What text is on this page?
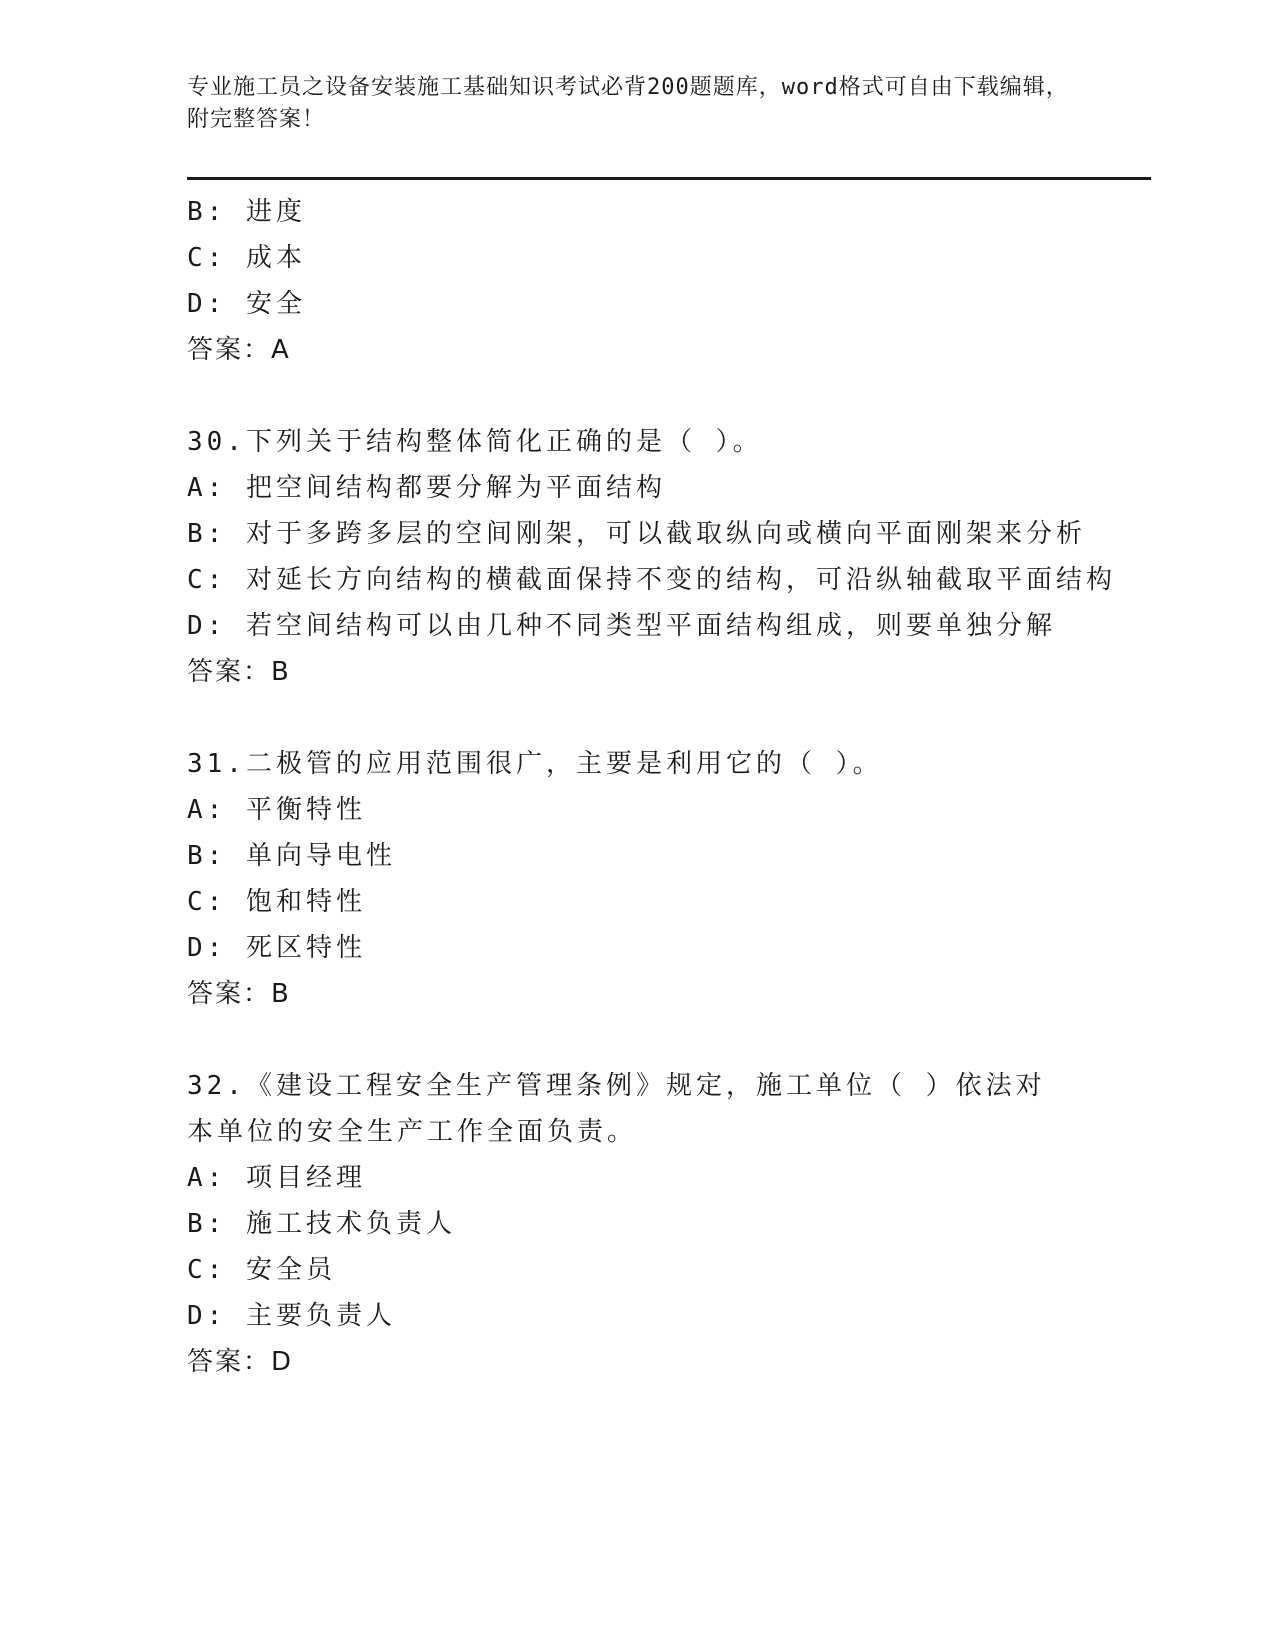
专业施工员之设备安装施工基础知识考试必背200题题库，word格式可自由下载编辑，附完整答案！
B: 进度
C: 成本
D: 安全
答案：A
30.下列关于结构整体简化正确的是（ ）。
A: 把空间结构都要分解为平面结构
B: 对于多跨多层的空间刚架，可以截取纵向或横向平面刚架来分析
C: 对延长方向结构的横截面保持不变的结构，可沿纵轴截取平面结构
D: 若空间结构可以由几种不同类型平面结构组成，则要单独分解
答案：B
31.二极管的应用范围很广，主要是利用它的（ ）。
A: 平衡特性
B: 单向导电性
C: 饱和特性
D: 死区特性
答案：B
32.《建设工程安全生产管理条例》规定，施工单位（ ）依法对本单位的安全生产工作全面负责。
A: 项目经理
B: 施工技术负责人
C: 安全员
D: 主要负责人
答案：D
